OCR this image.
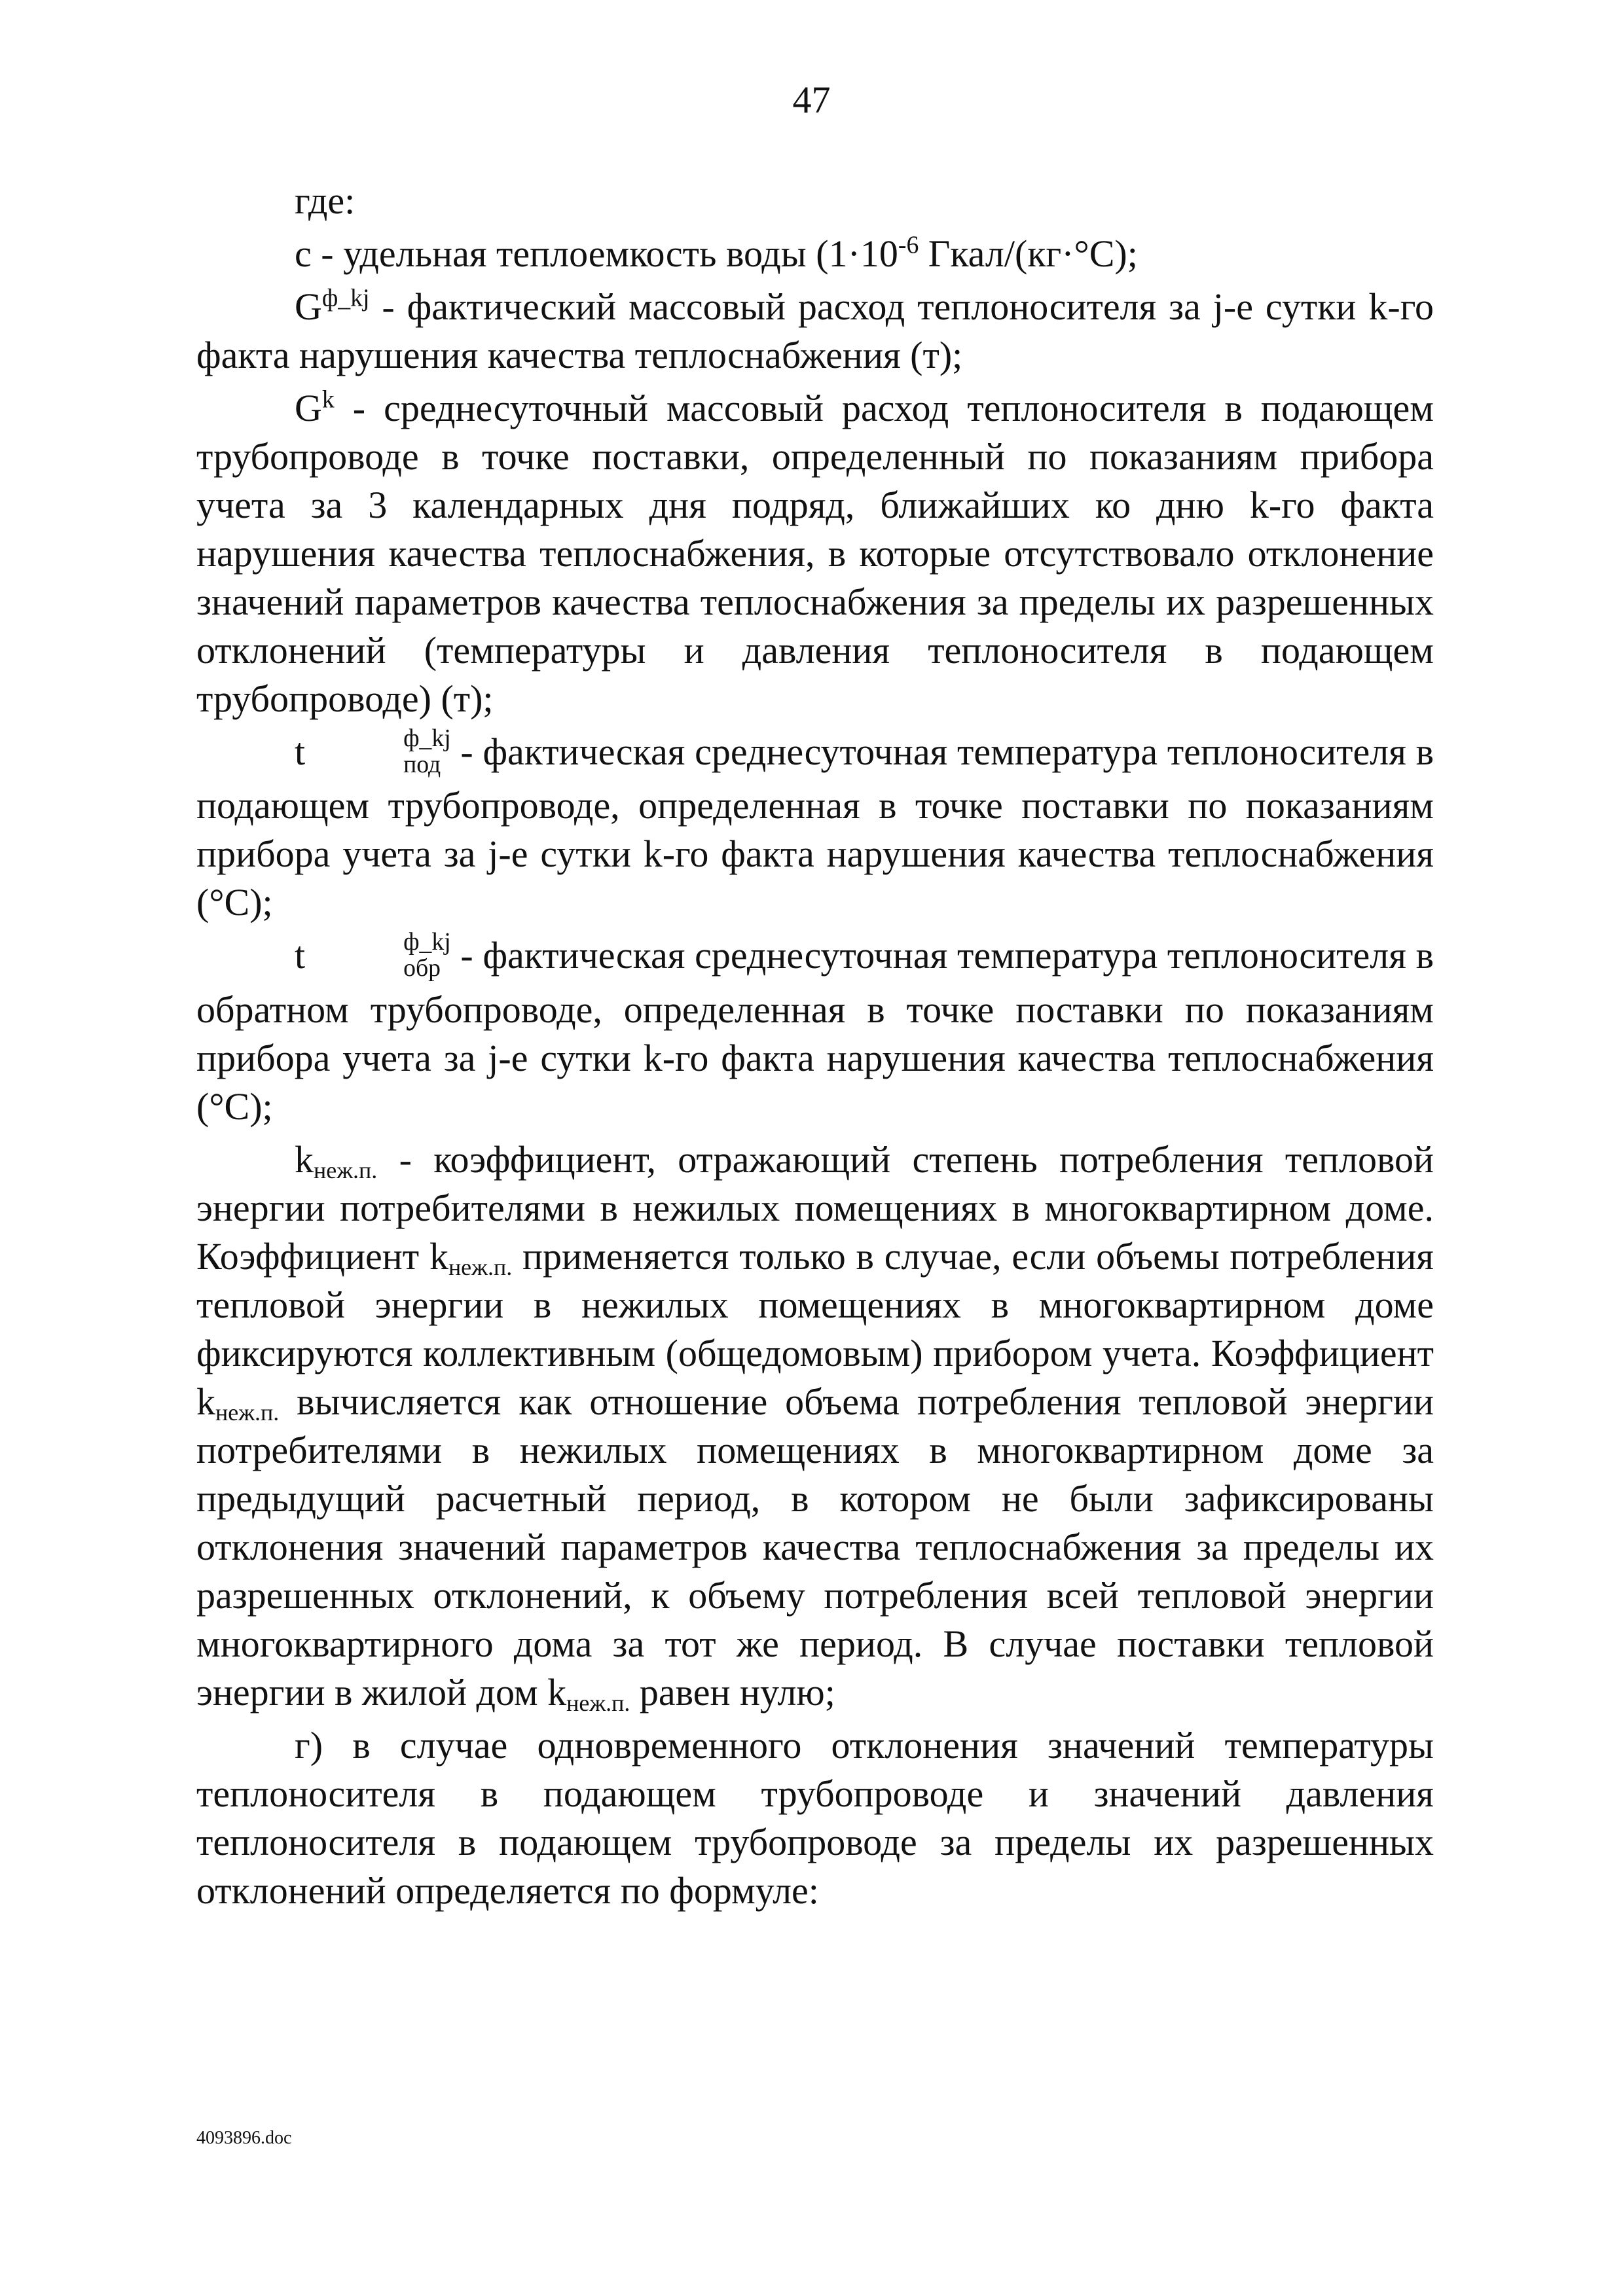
47

где:

c - удельная теплоемкость воды ($1\cdot 10^{-6}$ Гкал/(кг·°С);

$G^{ф\_kj}$ - фактический массовый расход теплоносителя за j-е сутки k-го факта нарушения качества теплоснабжения (т);

$G^k$ - среднесуточный массовый расход теплоносителя в подающем трубопроводе в точке поставки, определенный по показаниям прибора учета за 3 календарных дня подряд, ближайших ко дню k-го факта нарушения качества теплоснабжения, в которые отсутствовало отклонение значений параметров качества теплоснабжения за пределы их разрешенных отклонений (температуры и давления теплоносителя в подающем трубопроводе) (т);

t	ф_kj
под - фактическая среднесуточная температура теплоносителя в подающем трубопроводе, определенная в точке поставки по показаниям прибора учета за j-е сутки k-го факта нарушения качества теплоснабжения (°С);

t	ф_kj
обр - фактическая среднесуточная температура теплоносителя в обратном трубопроводе, определенная в точке поставки по показаниям прибора учета за j-е сутки k-го факта нарушения качества теплоснабжения (°С);

kнеж.п. - коэффициент, отражающий степень потребления тепловой энергии потребителями в нежилых помещениях в многоквартирном доме. Коэффициент kнеж.п. применяется только в случае, если объемы потребления тепловой энергии в нежилых помещениях в многоквартирном доме фиксируются коллективным (общедомовым) прибором учета. Коэффициент kнеж.п. вычисляется как отношение объема потребления тепловой энергии потребителями в нежилых помещениях в многоквартирном доме за предыдущий расчетный период, в котором не были зафиксированы отклонения значений параметров качества теплоснабжения за пределы их разрешенных отклонений, к объему потребления всей тепловой энергии многоквартирного дома за тот же период. В случае поставки тепловой энергии в жилой дом kнеж.п. равен нулю;

г) в случае одновременного отклонения значений температуры теплоносителя в подающем трубопроводе и значений давления теплоносителя в подающем трубопроводе за пределы их разрешенных отклонений определяется по формуле:

4093896.doc
